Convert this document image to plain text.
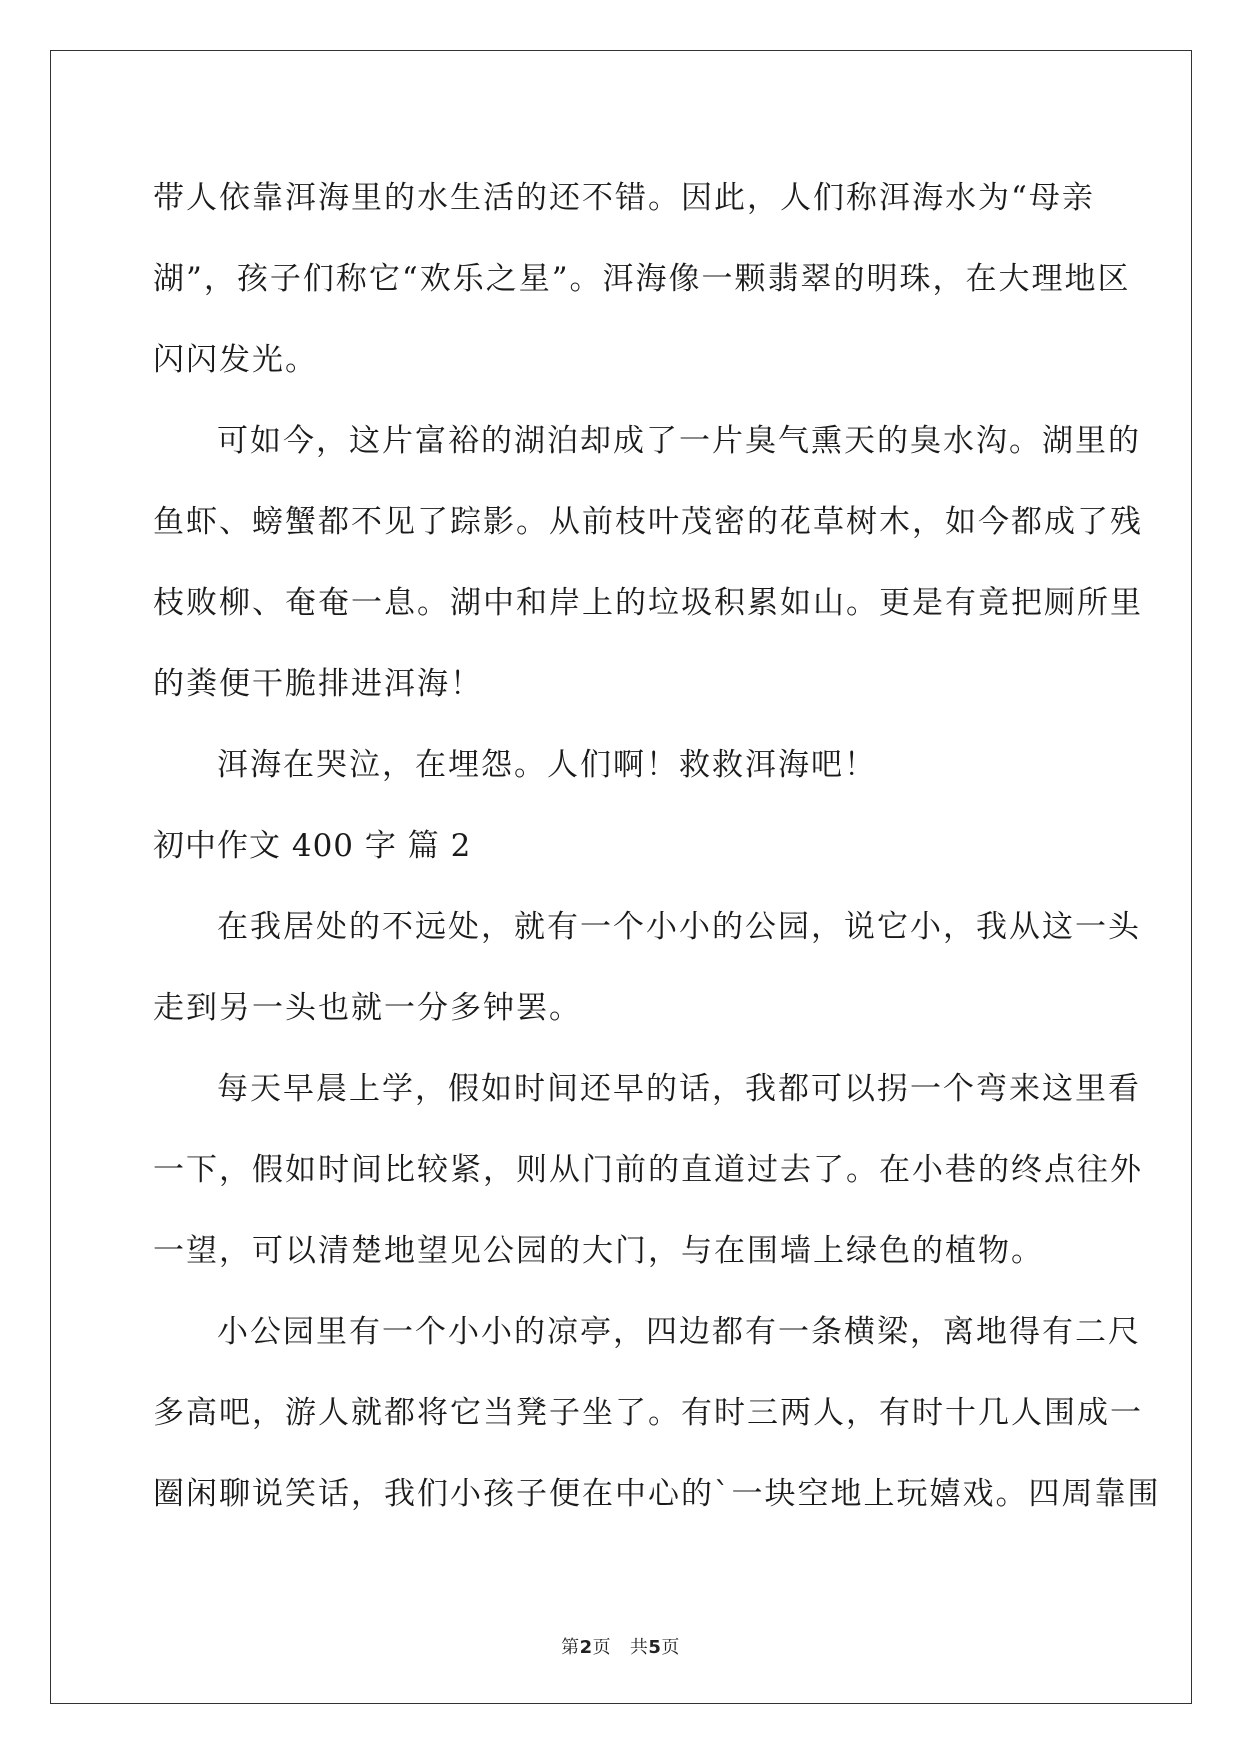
带人依靠洱海里的水生活的还不错。因此，人们称洱海水为“母亲
湖”，孩子们称它“欢乐之星”。洱海像一颗翡翠的明珠，在大理地区
闪闪发光。
可如今，这片富裕的湖泊却成了一片臭气熏天的臭水沟。湖里的
鱼虾、螃蟹都不见了踪影。从前枝叶茂密的花草树木，如今都成了残
枝败柳、奄奄一息。湖中和岸上的垃圾积累如山。更是有竟把厕所里
的粪便干脆排进洱海！
洱海在哭泣，在埋怨。人们啊！救救洱海吧！
初中作文 400 字 篇 2
在我居处的不远处，就有一个小小的公园，说它小，我从这一头
走到另一头也就一分多钟罢。
每天早晨上学，假如时间还早的话，我都可以拐一个弯来这里看
一下，假如时间比较紧，则从门前的直道过去了。在小巷的终点往外
一望，可以清楚地望见公园的大门，与在围墙上绿色的植物。
小公园里有一个小小的凉亭，四边都有一条横梁，离地得有二尺
多高吧，游人就都将它当凳子坐了。有时三两人，有时十几人围成一
圈闲聊说笑话，我们小孩子便在中心的`一块空地上玩嬉戏。四周靠围
第2页   共5页
